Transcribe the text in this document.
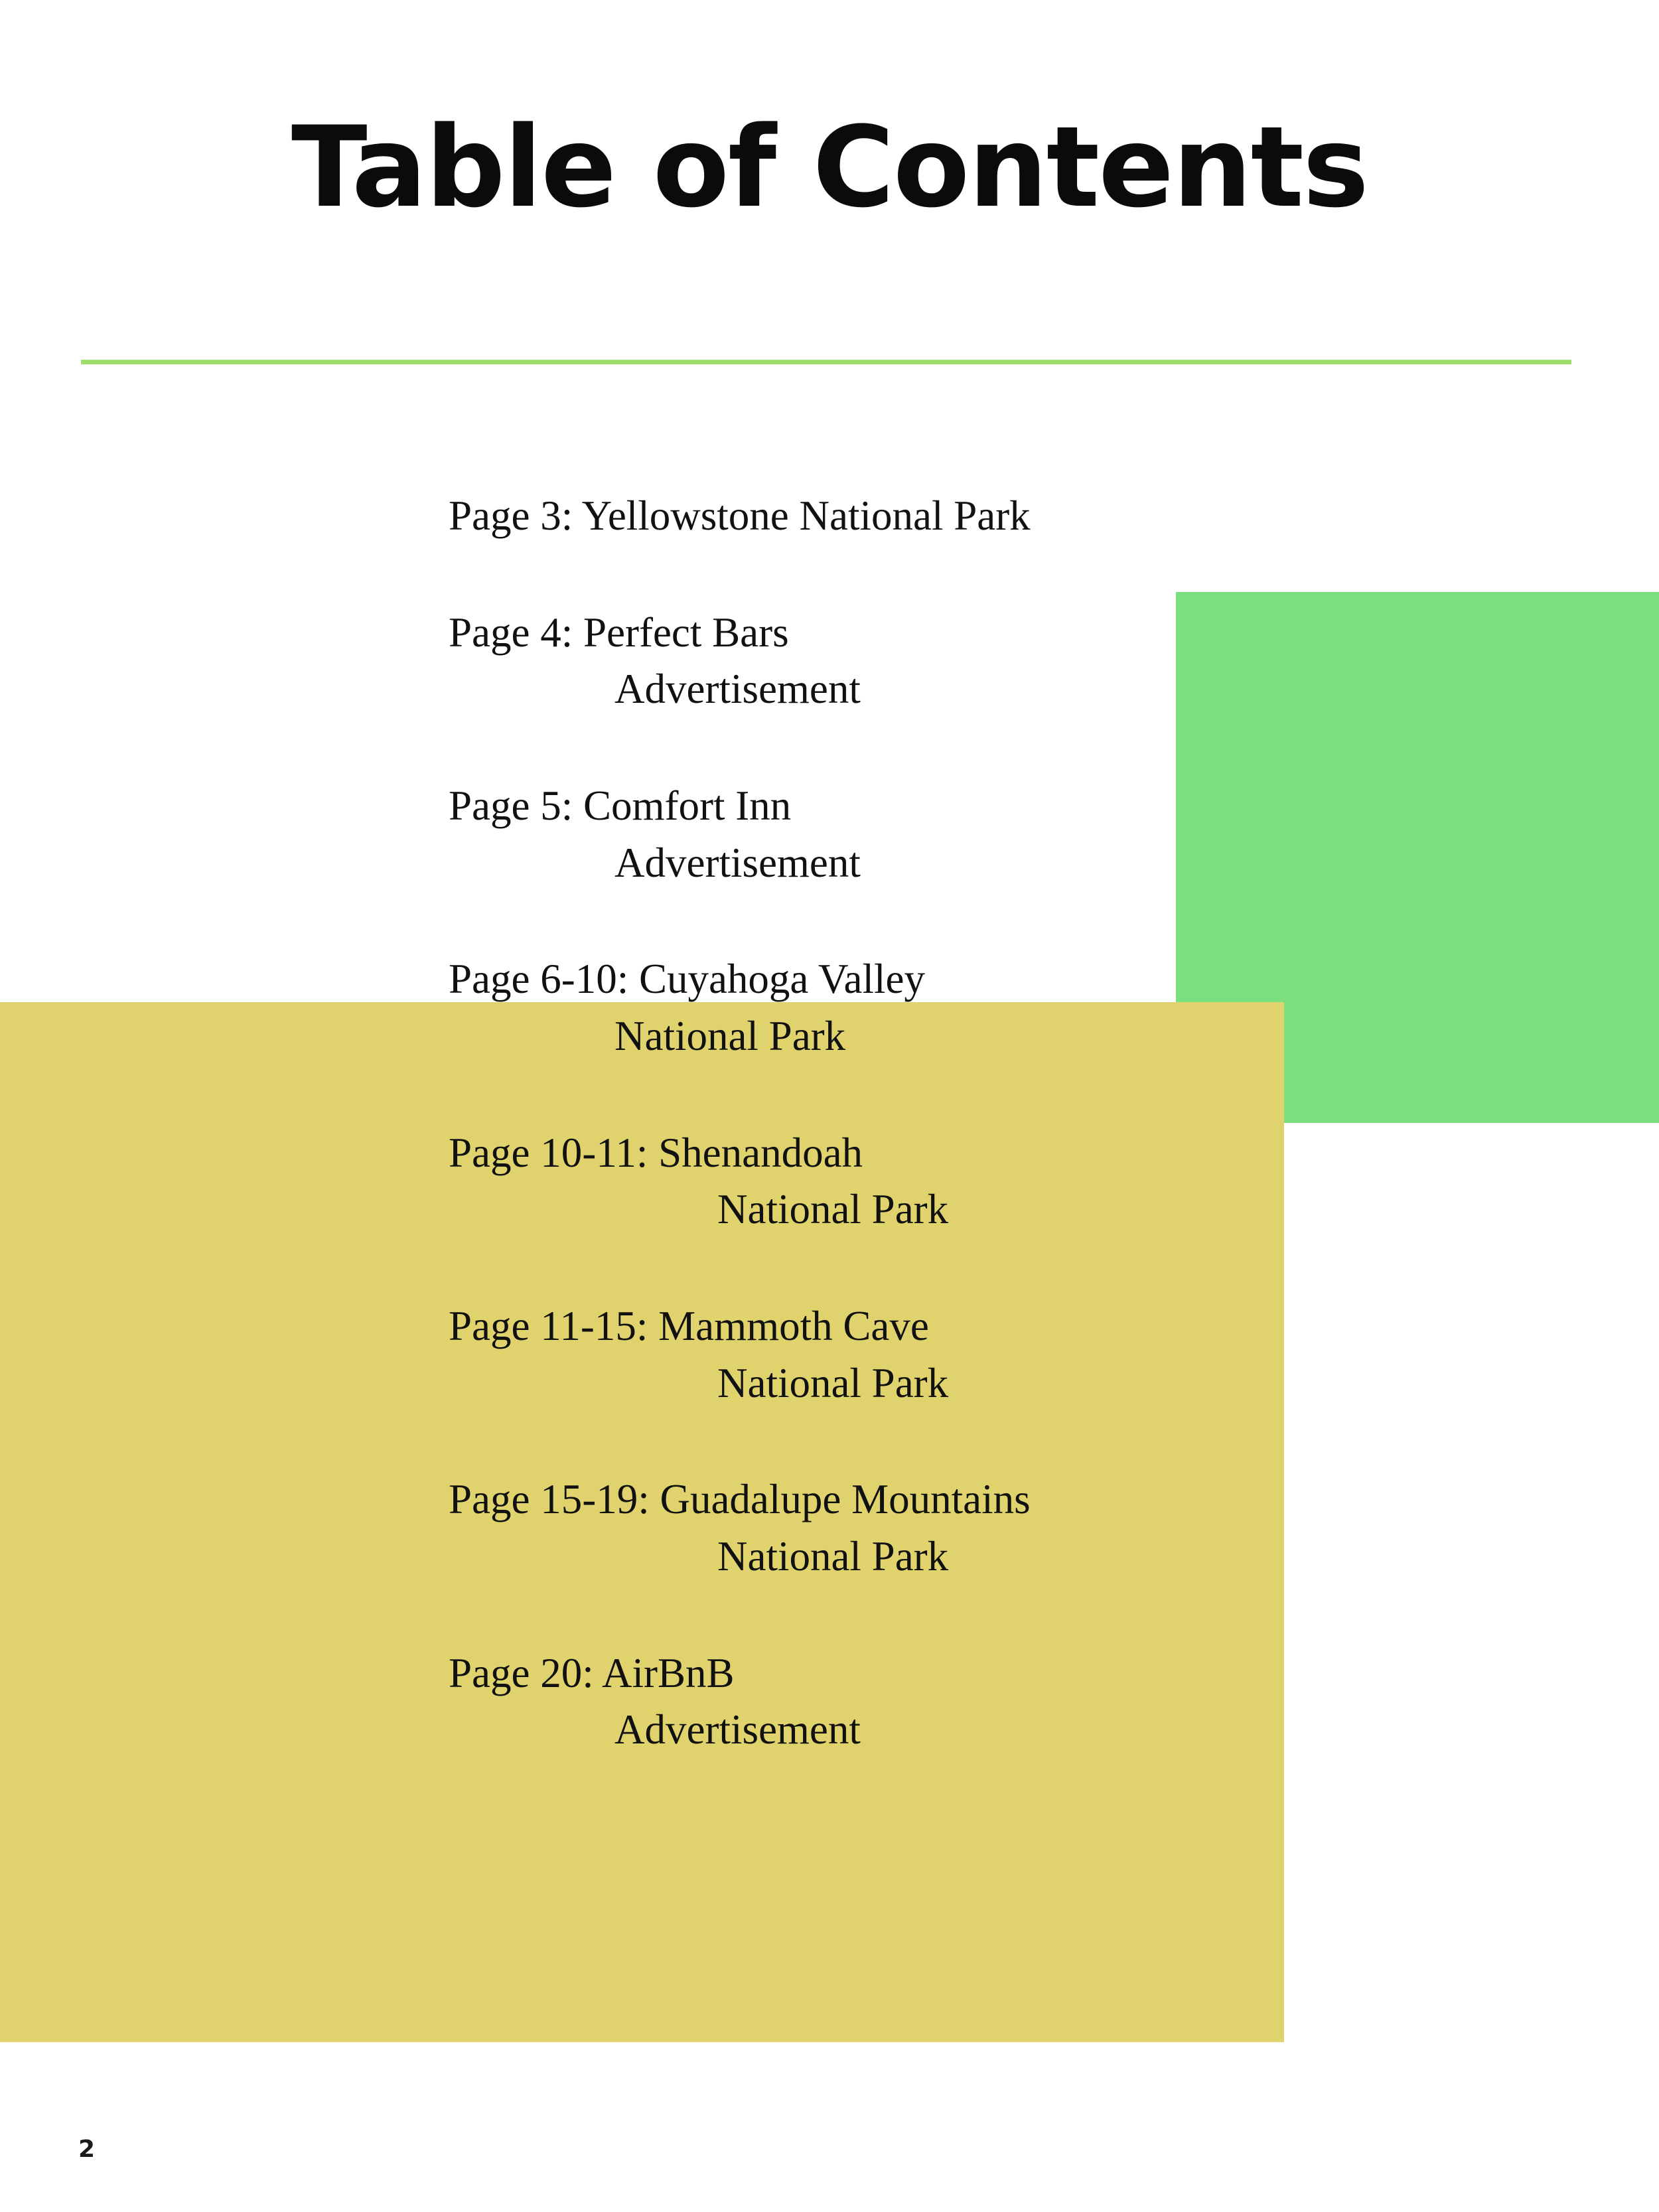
Table of Contents
Page 3: Yellowstone National Park
Page 4: Perfect Bars
Advertisement
Page 5: Comfort Inn
Advertisement
Page 6-10: Cuyahoga Valley
National Park
Page 10-11: Shenandoah
National Park
Page 11-15: Mammoth Cave
National Park
Page 15-19: Guadalupe Mountains
National Park
Page 20: AirBnB
Advertisement
2
